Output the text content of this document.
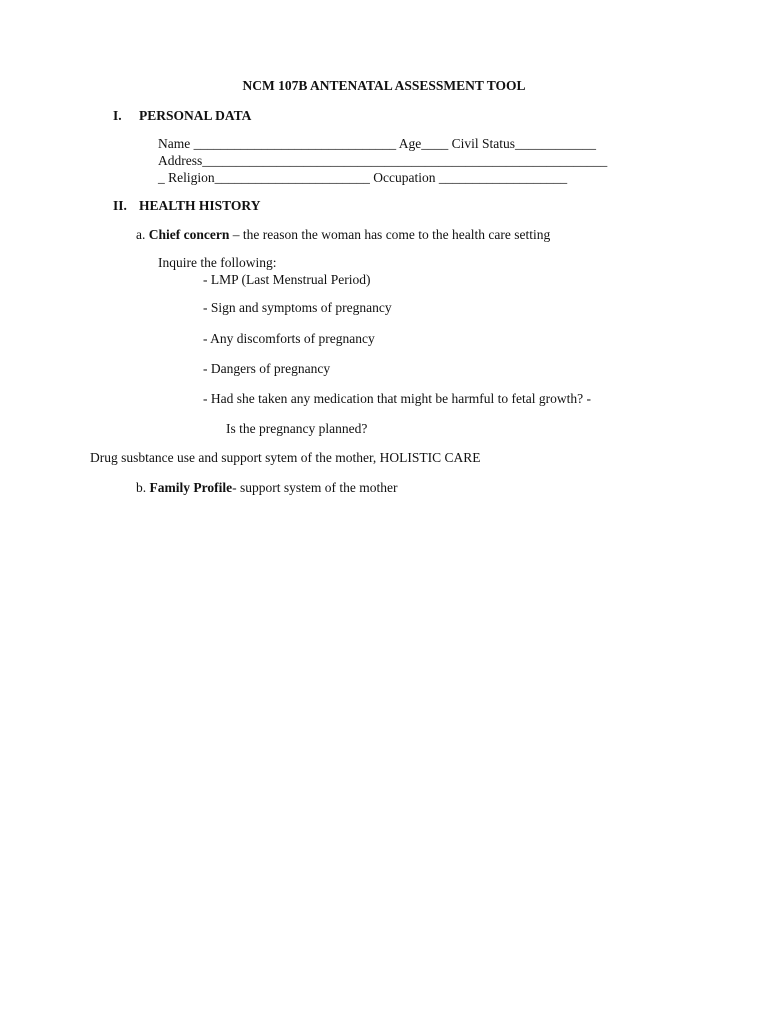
NCM 107B ANTENATAL ASSESSMENT TOOL
I. PERSONAL DATA
Name ______________________________ Age____ Civil Status____________
Address____________________________________________________________
_ Religion_______________________ Occupation ___________________
II. HEALTH HISTORY
a. Chief concern – the reason the woman has come to the health care setting
Inquire the following:
- LMP (Last Menstrual Period)
- Sign and symptoms of pregnancy
- Any discomforts of pregnancy
- Dangers of pregnancy
- Had she taken any medication that might be harmful to fetal growth? -
Is the pregnancy planned?
Drug susbtance use and support sytem of the mother, HOLISTIC CARE
b. Family Profile- support system of the mother
